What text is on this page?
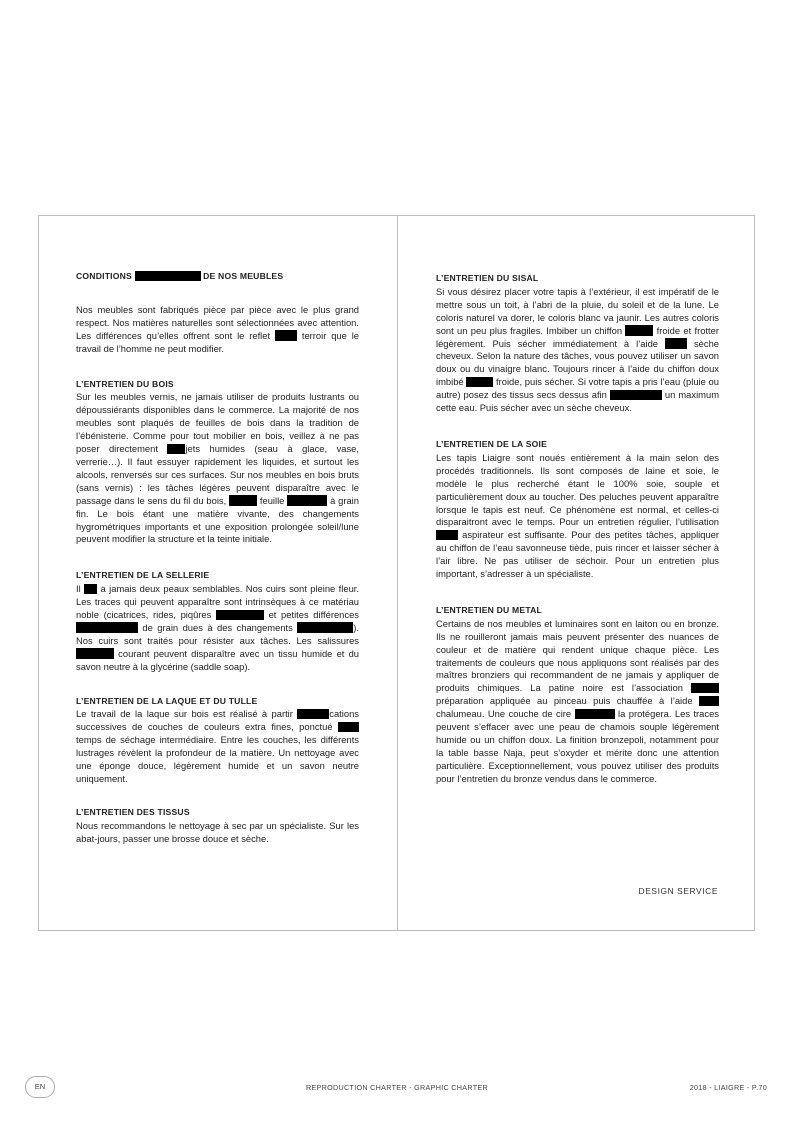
CONDITIONS	DE NOS MEUBLES

Nos meubles sont fabriqués pièce par pièce avec le plus grand respect. Nos matières naturelles sont sélectionnées avec attention. Les différences qu’elles offrent sont le reflet  terroir que le travail de l’homme ne peut modifier.

L’ENTRETIEN DU BOIS

Sur les meubles vernis, ne jamais utiliser de produits lustrants ou dépoussiérants disponibles dans le commerce. La majorité de nos meubles sont plaqués de feuilles de bois dans la tradition de l’ébénisterie. Comme pour tout mobilier en bois, veillez à ne pas poser directement jets humides (seau à glace, vase, verrerie…). Il faut essuyer rapidement les liquides, et surtout les alcools, renversés sur ces surfaces. Sur nos meubles en bois bruts (sans vernis) : les tâches légères peuvent disparaître avec le passage dans le sens du fil du bois,	feuille	à grain fin. Le bois étant une matière vivante, des changements hygrométriques importants et une exposition prolongée soleil/lune peuvent modifier la structure et la teinte initiale.

L’ENTRETIEN DE LA SELLERIE

Il  a jamais deux peaux semblables. Nos cuirs sont pleine fleur. Les traces qui peuvent apparaître sont intrinsèques à ce matériau noble (cicatrices, rides, piqûres	et petites différences  de grain dues à des changements	). Nos cuirs sont traités pour résister aux tâches. Les salissures  courant peuvent disparaître avec un tissu humide et du savon neutre à la glycérine (saddle soap).

L’ENTRETIEN DE LA LAQUE ET DU TULLE

Le travail de la laque sur bois est réalisé à partir	cations successives de couches de couleurs extra fines, ponctué  temps de séchage intermédiaire. Entre les couches, les différents lustrages révèlent la profondeur de la matière. Un nettoyage avec une éponge douce, légèrement humide et un savon neutre uniquement.

L’ENTRETIEN DES TISSUS

Nous recommandons le nettoyage à sec par un spécialiste. Sur les abat-jours, passer une brosse douce et sèche.

L’ENTRETIEN DU SISAL

Si vous désirez placer votre tapis à l’extérieur, il est impératif de le mettre sous un toit, à l’abri de la pluie, du soleil et de la lune. Le coloris naturel va dorer, le coloris blanc va jaunir. Les autres coloris sont un peu plus fragiles. Imbiber un chiffon	froide et frotter légèrement. Puis sécher immédiatement à l’aide  sèche cheveux. Selon la nature des tâches, vous pouvez utiliser un savon doux ou du vinaigre blanc. Toujours rincer à l’aide du chiffon doux imbibé	froide, puis sécher. Si votre tapis a pris l’eau (pluie ou autre) posez des tissus secs dessus afin	un maximum cette eau. Puis sécher avec un sèche cheveux.

L’ENTRETIEN DE LA SOIE

Les tapis Liaigre sont noués entièrement à la main selon des procédés traditionnels. Ils sont composés de laine et soie, le modèle le plus recherché étant le 100% soie, souple et particulièrement doux au toucher. Des peluches peuvent apparaître lorsque le tapis est neuf. Ce phénomène est normal, et celles-ci disparaitront avec le temps. Pour un entretien régulier, l’utilisation  aspirateur est suffisante. Pour des petites tâches, appliquer au chiffon de l’eau savonneuse tiède, puis rincer et laisser sécher à l’air libre. Ne pas utiliser de séchoir. Pour un entretien plus important, s’adresser à un spécialiste.

L’ENTRETIEN DU METAL

Certains de nos meubles et luminaires sont en laiton ou en bronze. Ils ne rouilleront jamais mais peuvent présenter des nuances de couleur et de matière qui rendent unique chaque pièce. Les traitements de couleurs que nous appliquons sont réalisés par des maîtres bronziers qui recommandent de ne jamais y appliquer de produits chimiques. La patine noire est l’association  préparation appliquée au pinceau puis chauffée à l’aide  chalumeau. Une couche de cire	la protégera. Les traces peuvent s’effacer avec une peau de chamois souple légèrement humide ou un chiffon doux. La finition bronzepoli, notamment pour la table basse Naja, peut s’oxyder et mérite donc une attention particulière. Exceptionnellement, vous pouvez utiliser des produits pour l’entretien du bronze vendus dans le commerce.

DESIGN SERVICE
EN	REPRODUCTION CHARTER - GRAPHIC CHARTER	2018 - LIAIGRE - P.70
